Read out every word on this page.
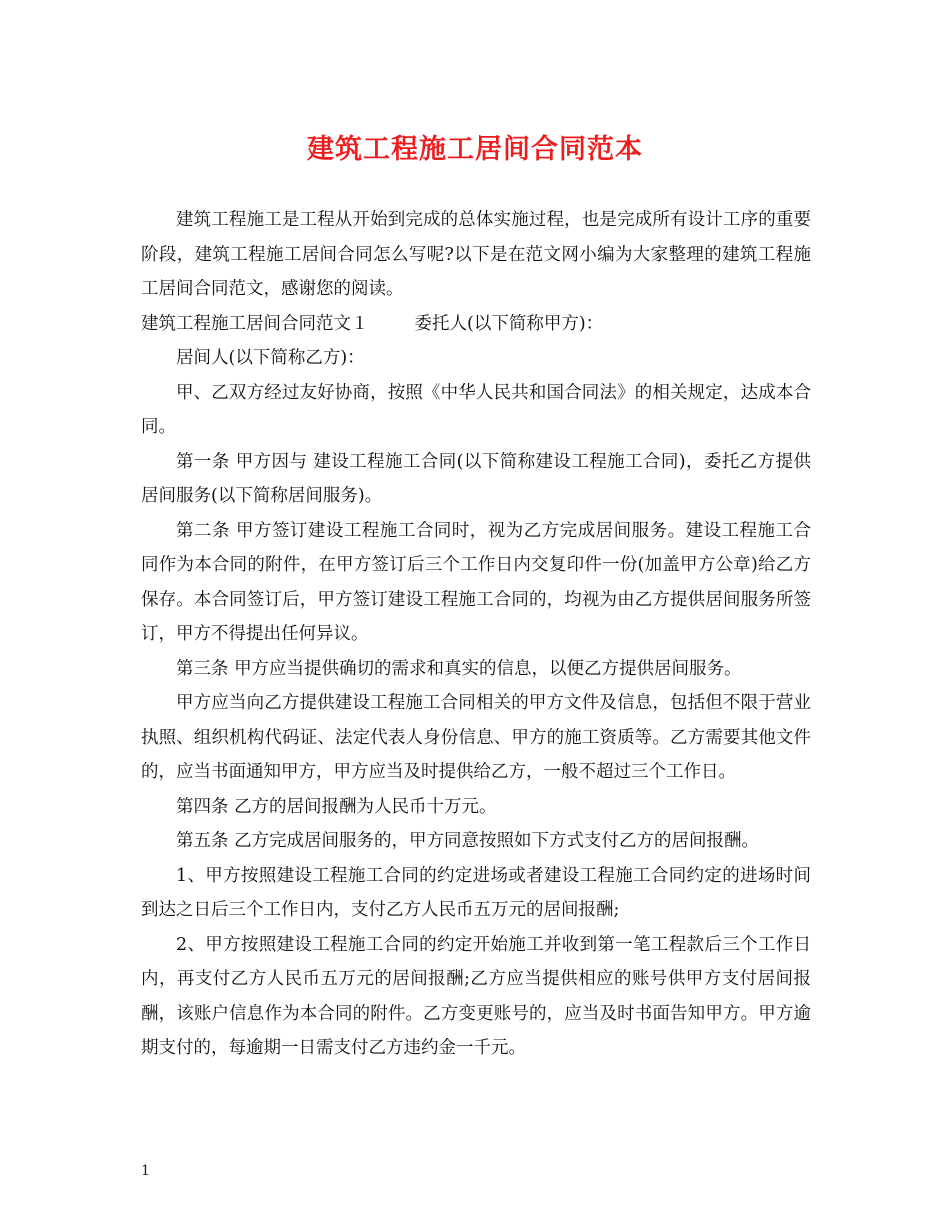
建筑工程施工居间合同范本

建筑工程施工是工程从开始到完成的总体实施过程，也是完成所有设计工序的重要阶段，建筑工程施工居间合同怎么写呢?以下是在范文网小编为大家整理的建筑工程施工居间合同范文，感谢您的阅读。

建筑工程施工居间合同范文１	委托人(以下简称甲方)：

居间人(以下简称乙方)：

甲、乙双方经过友好协商，按照《中华人民共和国合同法》的相关规定，达成本合同。

第一条 甲方因与 建设工程施工合同(以下简称建设工程施工合同)，委托乙方提供居间服务(以下简称居间服务)。

第二条 甲方签订建设工程施工合同时，视为乙方完成居间服务。建设工程施工合同作为本合同的附件，在甲方签订后三个工作日内交复印件一份(加盖甲方公章)给乙方保存。本合同签订后，甲方签订建设工程施工合同的，均视为由乙方提供居间服务所签订，甲方不得提出任何异议。

第三条 甲方应当提供确切的需求和真实的信息，以便乙方提供居间服务。

甲方应当向乙方提供建设工程施工合同相关的甲方文件及信息，包括但不限于营业执照、组织机构代码证、法定代表人身份信息、甲方的施工资质等。乙方需要其他文件的，应当书面通知甲方，甲方应当及时提供给乙方，一般不超过三个工作日。

第四条 乙方的居间报酬为人民币十万元。

第五条 乙方完成居间服务的，甲方同意按照如下方式支付乙方的居间报酬。

1、甲方按照建设工程施工合同的约定进场或者建设工程施工合同约定的进场时间到达之日后三个工作日内，支付乙方人民币五万元的居间报酬;

2、甲方按照建设工程施工合同的约定开始施工并收到第一笔工程款后三个工作日内，再支付乙方人民币五万元的居间报酬;乙方应当提供相应的账号供甲方支付居间报酬，该账户信息作为本合同的附件。乙方变更账号的，应当及时书面告知甲方。甲方逾期支付的，每逾期一日需支付乙方违约金一千元。

1
